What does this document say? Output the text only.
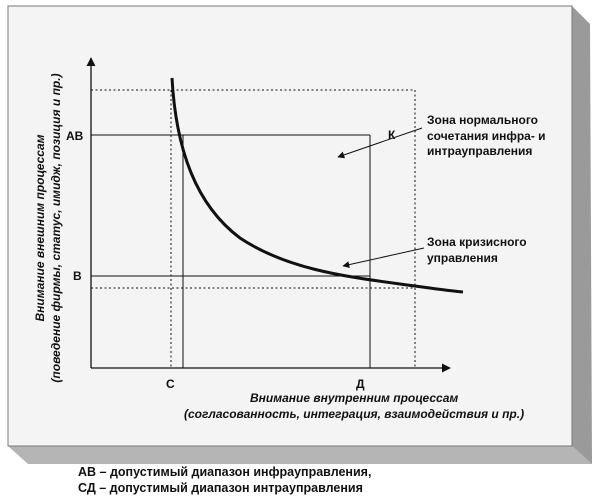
АВ
В
С	Д
К
Зона нормального
сочетания инфра- и
интрауправления
Зона кризисного
управления
Внимание внутренним процессам
(согласованность, интеграция, взаимодействия и пр.)
Внимание внешним процессам (поведение фирмы, статус, имидж, позиция и пр.)
АВ – допустимый диапазон инфрауправления,
СД – допустимый диапазон интрауправления
